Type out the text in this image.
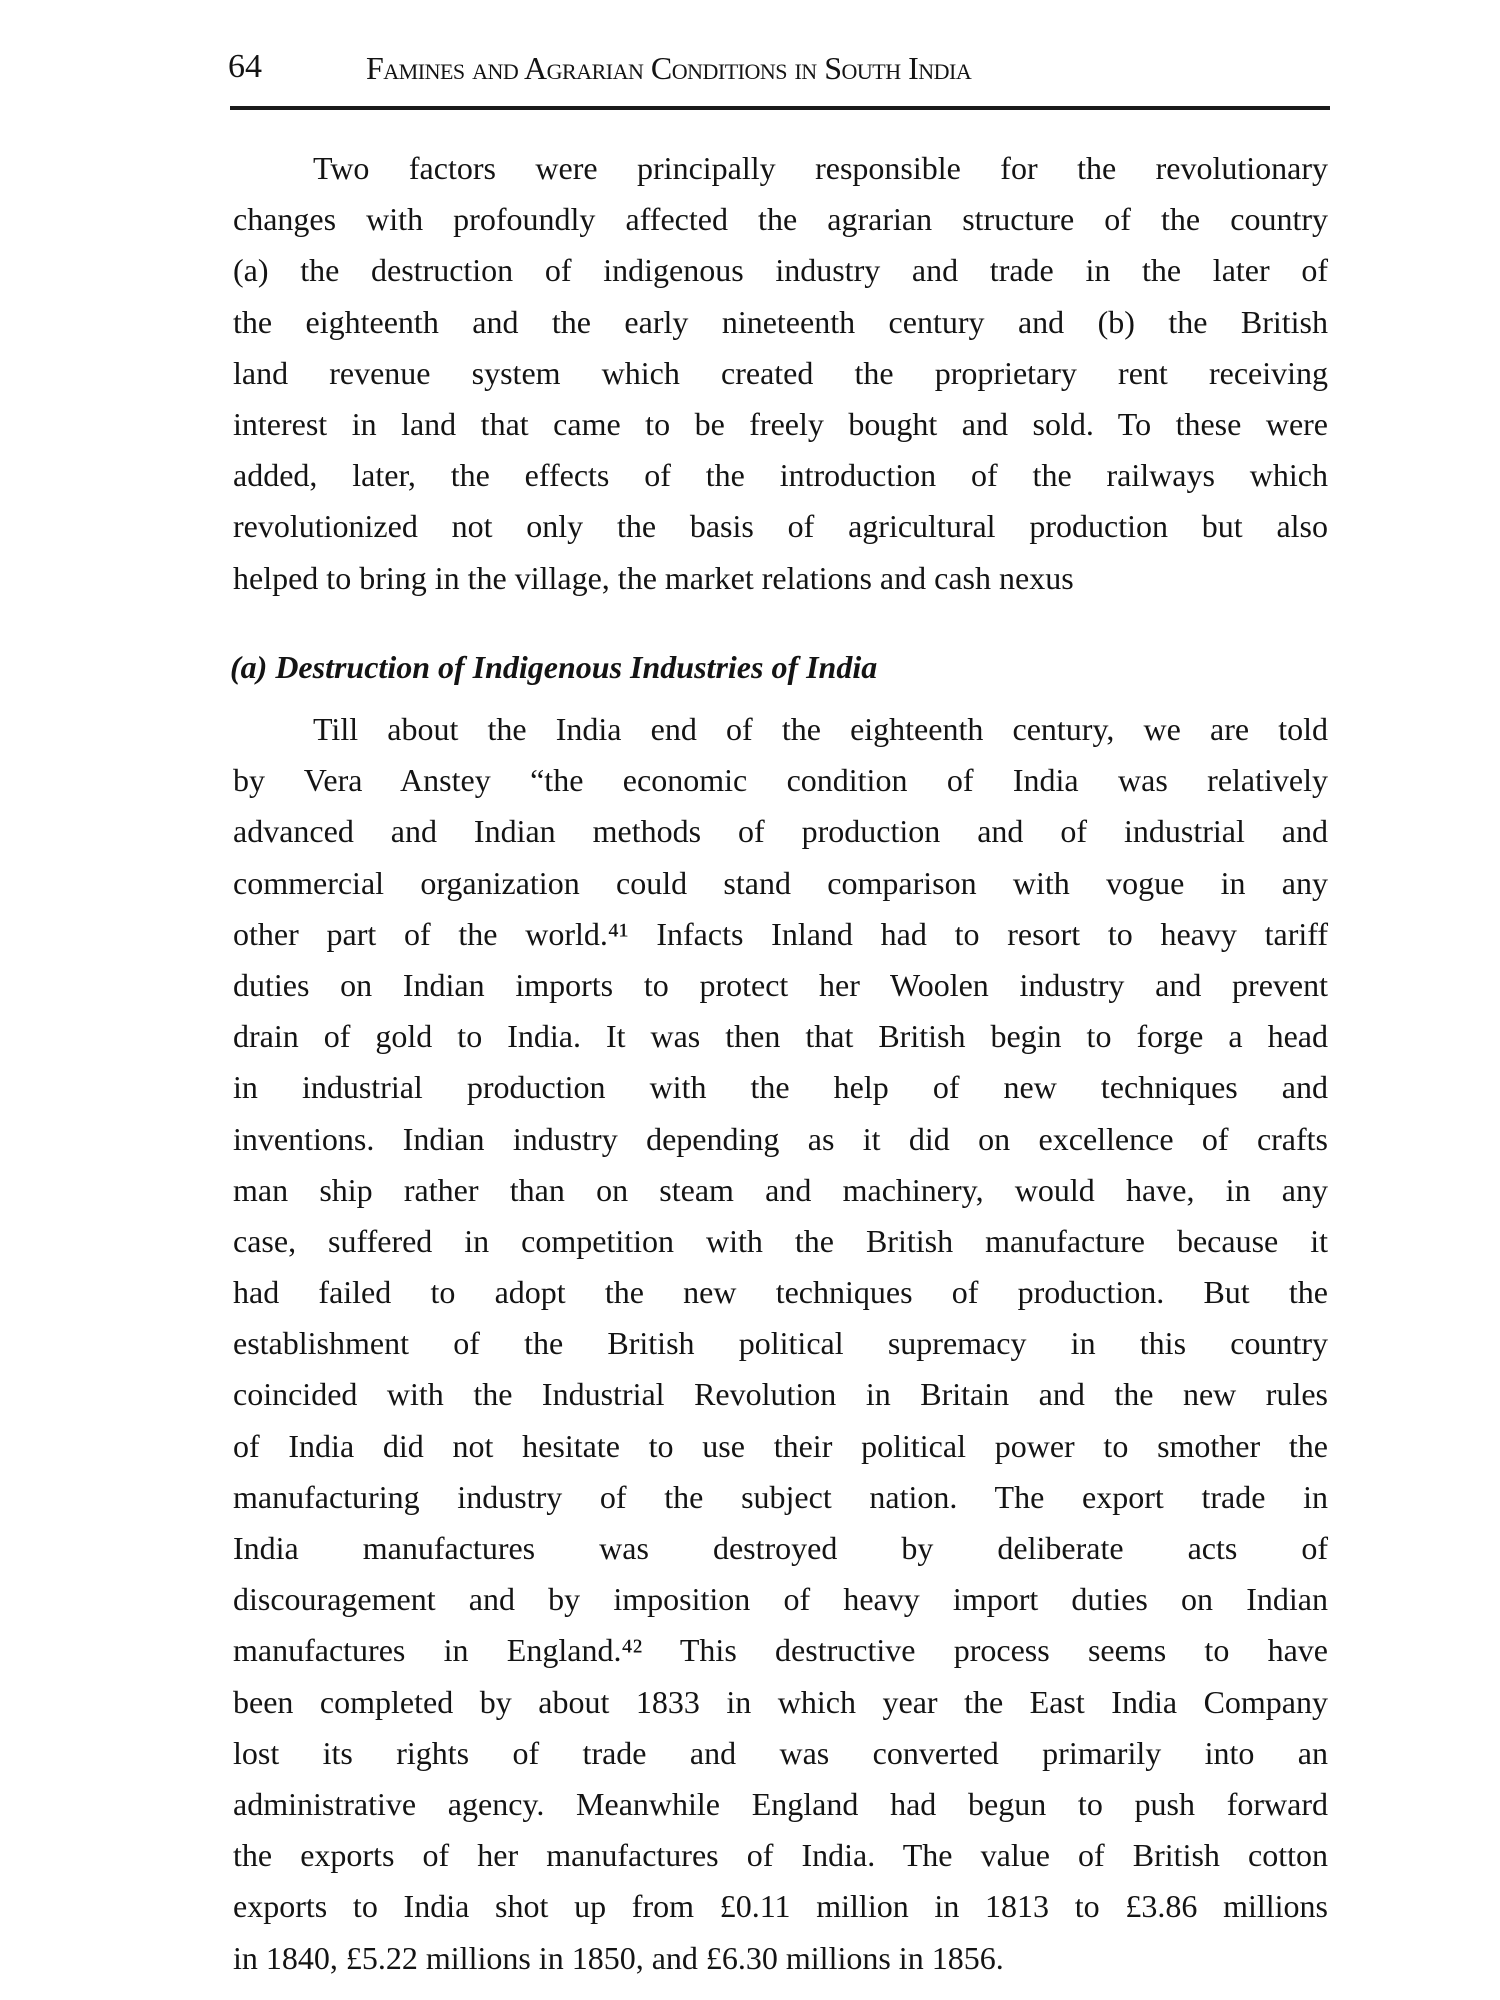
64	Famines and Agrarian Conditions in South India
Two factors were principally responsible for the revolutionary
changes with profoundly affected the agrarian structure of the country
(a) the destruction of indigenous industry and trade in the later of
the eighteenth and the early nineteenth century and (b) the British
land revenue system which created the proprietary rent receiving
interest in land that came to be freely bought and sold. To these were
added, later, the effects of the introduction of the railways which
revolutionized not only the basis of agricultural production but also
helped to bring in the village, the market relations and cash nexus
(a) Destruction of Indigenous Industries of India
Till about the India end of the eighteenth century, we are told
by Vera Anstey “the economic condition of India was relatively
advanced and Indian methods of production and of industrial and
commercial organization could stand comparison with vogue in any
other part of the world.⁴¹ Infacts Inland had to resort to heavy tariff
duties on Indian imports to protect her Woolen industry and prevent
drain of gold to India. It was then that British begin to forge a head
in industrial production with the help of new techniques and
inventions. Indian industry depending as it did on excellence of crafts
man ship rather than on steam and machinery, would have, in any
case, suffered in competition with the British manufacture because it
had failed to adopt the new techniques of production. But the
establishment of the British political supremacy in this country
coincided with the Industrial Revolution in Britain and the new rules
of India did not hesitate to use their political power to smother the
manufacturing industry of the subject nation. The export trade in
India manufactures was destroyed by deliberate acts of
discouragement and by imposition of heavy import duties on Indian
manufactures in England.⁴² This destructive process seems to have
been completed by about 1833 in which year the East India Company
lost its rights of trade and was converted primarily into an
administrative agency. Meanwhile England had begun to push forward
the exports of her manufactures of India. The value of British cotton
exports to India shot up from £0.11 million in 1813 to £3.86 millions
in 1840, £5.22 millions in 1850, and £6.30 millions in 1856.
